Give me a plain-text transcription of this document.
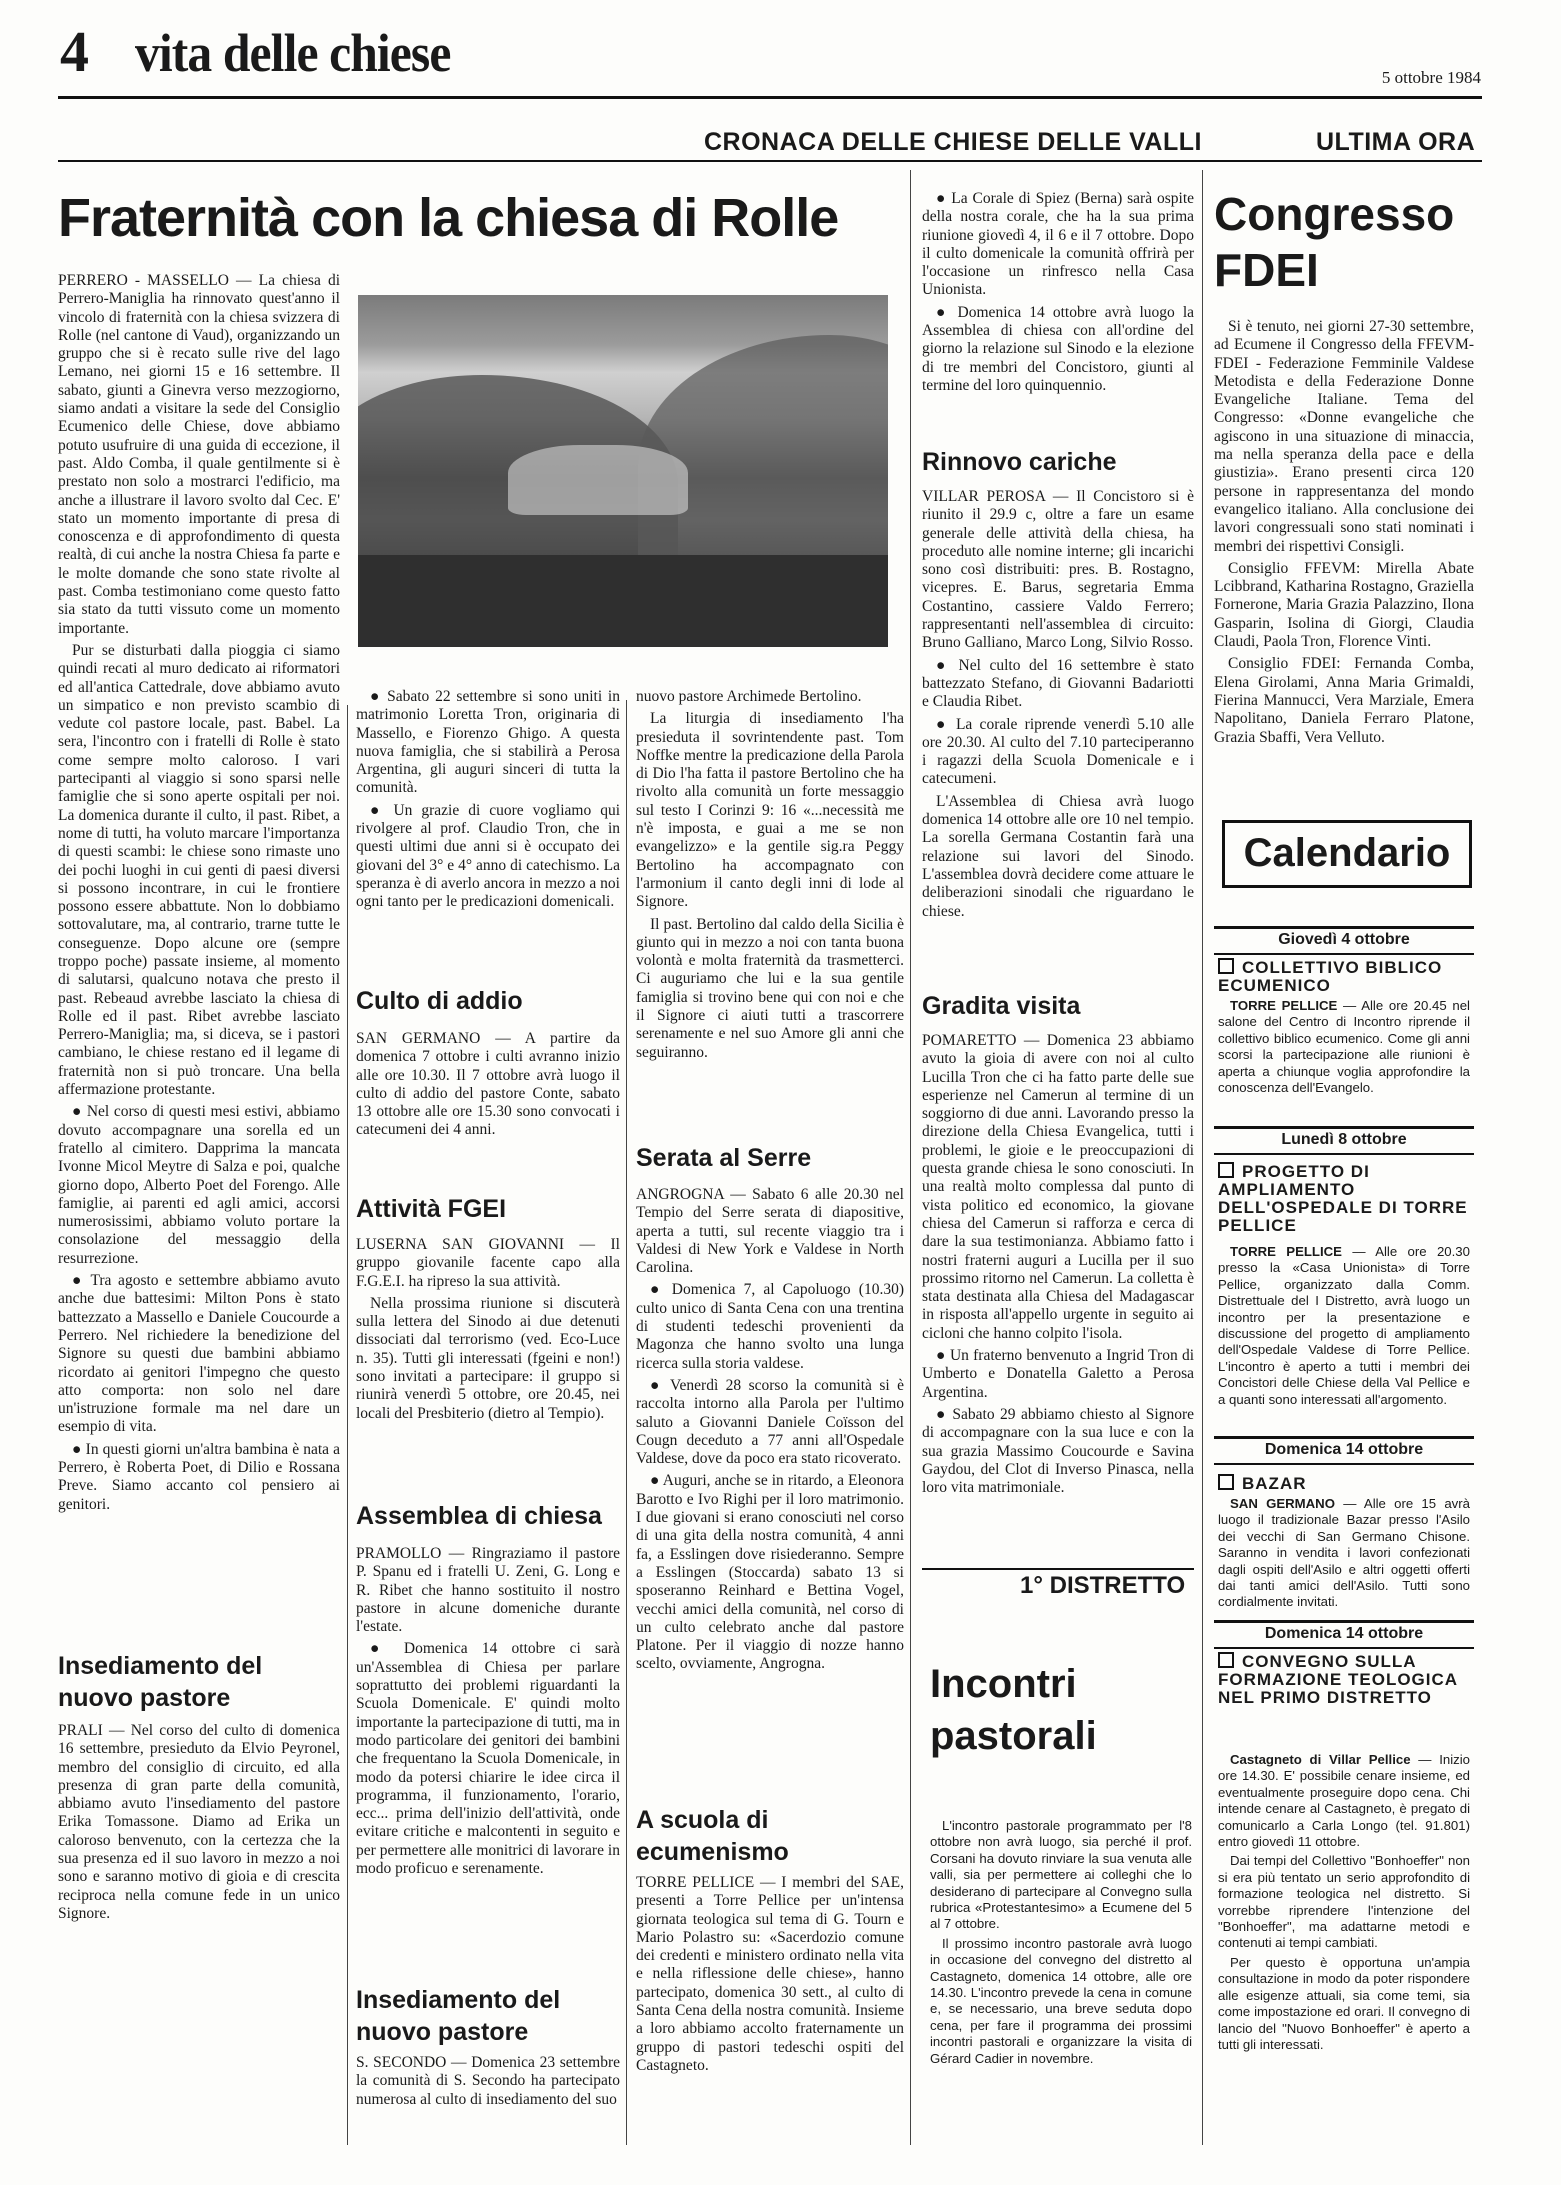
4 vita delle chiese	5 ottobre 1984
CRONACA DELLE CHIESE DELLE VALLI	ULTIMA ORA
Fraternità con la chiesa di Rolle

PERRERO - MASSELLO — La chiesa di Perrero-Maniglia ha rinnovato quest'anno il vincolo di fraternità con la chiesa svizzera di Rolle (nel cantone di Vaud), organizzando un gruppo che si è recato sulle rive del lago Lemano, nei giorni 15 e 16 settembre. Il sabato, giunti a Ginevra verso mezzogiorno, siamo andati a visitare la sede del Consiglio Ecumenico delle Chiese, dove abbiamo potuto usufruire di una guida di eccezione, il past. Aldo Comba, il quale gentilmente si è prestato non solo a mostrarci l'edificio, ma anche a illustrare il lavoro svolto dal Cec. E' stato un momento importante di presa di conoscenza e di approfondimento di questa realtà, di cui anche la nostra Chiesa fa parte e le molte domande che sono state rivolte al past. Comba testimoniano come questo fatto sia stato da tutti vissuto come un momento importante.

Pur se disturbati dalla pioggia ci siamo quindi recati al muro dedicato ai riformatori ed all'antica Cattedrale, dove abbiamo avuto un simpatico e non previsto scambio di vedute col pastore locale, past. Babel. La sera, l'incontro con i fratelli di Rolle è stato come sempre molto caloroso. I vari partecipanti al viaggio si sono sparsi nelle famiglie che si sono aperte ospitali per noi. La domenica durante il culto, il past. Ribet, a nome di tutti, ha voluto marcare l'importanza di questi scambi: le chiese sono rimaste uno dei pochi luoghi in cui genti di paesi diversi si possono incontrare, in cui le frontiere possono essere abbattute. Non lo dobbiamo sottovalutare, ma, al contrario, trarne tutte le conseguenze. Dopo alcune ore (sempre troppo poche) passate insieme, al momento di salutarsi, qualcuno notava che presto il past. Rebeaud avrebbe lasciato la chiesa di Rolle ed il past. Ribet avrebbe lasciato Perrero-Maniglia; ma, si diceva, se i pastori cambiano, le chiese restano ed il legame di fraternità non si può troncare. Una bella affermazione protestante.

● Nel corso di questi mesi estivi, abbiamo dovuto accompagnare una sorella ed un fratello al cimitero. Dapprima la mancata Ivonne Micol Meytre di Salza e poi, qualche giorno dopo, Alberto Poet del Forengo. Alle famiglie, ai parenti ed agli amici, accorsi numerosissimi, abbiamo voluto portare la consolazione del messaggio della resurrezione.

● Tra agosto e settembre abbiamo avuto anche due battesimi: Milton Pons è stato battezzato a Massello e Daniele Coucourde a Perrero. Nel richiedere la benedizione del Signore su questi due bambini abbiamo ricordato ai genitori l'impegno che questo atto comporta: non solo nel dare un'istruzione formale ma nel dare un esempio di vita.

● In questi giorni un'altra bambina è nata a Perrero, è Roberta Poet, di Dilio e Rossana Preve. Siamo accanto col pensiero ai genitori.

Insediamento del nuovo pastore

PRALI — Nel corso del culto di domenica 16 settembre, presieduto da Elvio Peyronel, membro del consiglio di circuito, ed alla presenza di gran parte della comunità, abbiamo avuto l'insediamento del pastore Erika Tomassone. Diamo ad Erika un caloroso benvenuto, con la certezza che la sua presenza ed il suo lavoro in mezzo a noi sono e saranno motivo di gioia e di crescita reciproca nella comune fede in un unico Signore.

● Sabato 22 settembre si sono uniti in matrimonio Loretta Tron, originaria di Massello, e Fiorenzo Ghigo. A questa nuova famiglia, che si stabilirà a Perosa Argentina, gli auguri sinceri di tutta la comunità.

● Un grazie di cuore vogliamo qui rivolgere al prof. Claudio Tron, che in questi ultimi due anni si è occupato dei giovani del 3° e 4° anno di catechismo. La speranza è di averlo ancora in mezzo a noi ogni tanto per le predicazioni domenicali.

Culto di addio

SAN GERMANO — A partire da domenica 7 ottobre i culti avranno inizio alle ore 10.30. Il 7 ottobre avrà luogo il culto di addio del pastore Conte, sabato 13 ottobre alle ore 15.30 sono convocati i catecumeni dei 4 anni.

Attività FGEI

LUSERNA SAN GIOVANNI — Il gruppo giovanile facente capo alla F.G.E.I. ha ripreso la sua attività.

Nella prossima riunione si discuterà sulla lettera del Sinodo ai due detenuti dissociati dal terrorismo (ved. Eco-Luce n. 35). Tutti gli interessati (fgeini e non!) sono invitati a partecipare: il gruppo si riunirà venerdì 5 ottobre, ore 20.45, nei locali del Presbiterio (dietro al Tempio).

Assemblea di chiesa

PRAMOLLO — Ringraziamo il pastore P. Spanu ed i fratelli U. Zeni, G. Long e R. Ribet che hanno sostituito il nostro pastore in alcune domeniche durante l'estate.

● Domenica 14 ottobre ci sarà un'Assemblea di Chiesa per parlare soprattutto dei problemi riguardanti la Scuola Domenicale. E' quindi molto importante la partecipazione di tutti, ma in modo particolare dei genitori dei bambini che frequentano la Scuola Domenicale, in modo da potersi chiarire le idee circa il programma, il funzionamento, l'orario, ecc... prima dell'inizio dell'attività, onde evitare critiche e malcontenti in seguito e per permettere alle monitrici di lavorare in modo proficuo e serenamente.

Insediamento del nuovo pastore

S. SECONDO — Domenica 23 settembre la comunità di S. Secondo ha partecipato numerosa al culto di insediamento del suo

nuovo pastore Archimede Bertolino.

La liturgia di insediamento l'ha presieduta il sovrintendente past. Tom Noffke mentre la predicazione della Parola di Dio l'ha fatta il pastore Bertolino che ha rivolto alla comunità un forte messaggio sul testo I Corinzi 9: 16 «...necessità me n'è imposta, e guai a me se non evangelizzo» e la gentile sig.ra Peggy Bertolino ha accompagnato con l'armonium il canto degli inni di lode al Signore.

Il past. Bertolino dal caldo della Sicilia è giunto qui in mezzo a noi con tanta buona volontà e molta fraternità da trasmetterci. Ci auguriamo che lui e la sua gentile famiglia si trovino bene qui con noi e che il Signore ci aiuti tutti a trascorrere serenamente e nel suo Amore gli anni che seguiranno.

Serata al Serre

ANGROGNA — Sabato 6 alle 20.30 nel Tempio del Serre serata di diapositive, aperta a tutti, sul recente viaggio tra i Valdesi di New York e Valdese in North Carolina.

● Domenica 7, al Capoluogo (10.30) culto unico di Santa Cena con una trentina di studenti tedeschi provenienti da Magonza che hanno svolto una lunga ricerca sulla storia valdese.

● Venerdì 28 scorso la comunità si è raccolta intorno alla Parola per l'ultimo saluto a Giovanni Daniele Coïsson del Cougn deceduto a 77 anni all'Ospedale Valdese, dove da poco era stato ricoverato.

● Auguri, anche se in ritardo, a Eleonora Barotto e Ivo Righi per il loro matrimonio. I due giovani si erano conosciuti nel corso di una gita della nostra comunità, 4 anni fa, a Esslingen dove risiederanno. Sempre a Esslingen (Stoccarda) sabato 13 si sposeranno Reinhard e Bettina Vogel, vecchi amici della comunità, nel corso di un culto celebrato anche dal pastore Platone. Per il viaggio di nozze hanno scelto, ovviamente, Angrogna.

A scuola di ecumenismo

TORRE PELLICE — I membri del SAE, presenti a Torre Pellice per un'intensa giornata teologica sul tema di G. Tourn e Mario Polastro su: «Sacerdozio comune dei credenti e ministero ordinato nella vita e nella riflessione delle chiese», hanno partecipato, domenica 30 sett., al culto di Santa Cena della nostra comunità. Insieme a loro abbiamo accolto fraternamente un gruppo di pastori tedeschi ospiti del Castagneto.

● La Corale di Spiez (Berna) sarà ospite della nostra corale, che ha la sua prima riunione giovedì 4, il 6 e il 7 ottobre. Dopo il culto domenicale la comunità offrirà per l'occasione un rinfresco nella Casa Unionista.

● Domenica 14 ottobre avrà luogo la Assemblea di chiesa con all'ordine del giorno la relazione sul Sinodo e la elezione di tre membri del Concistoro, giunti al termine del loro quinquennio.

Rinnovo cariche

VILLAR PEROSA — Il Concistoro si è riunito il 29.9 c, oltre a fare un esame generale delle attività della chiesa, ha proceduto alle nomine interne; gli incarichi sono così distribuiti: pres. B. Rostagno, vicepres. E. Barus, segretaria Emma Costantino, cassiere Valdo Ferrero; rappresentanti nell'assemblea di circuito: Bruno Galliano, Marco Long, Silvio Rosso.

● Nel culto del 16 settembre è stato battezzato Stefano, di Giovanni Badariotti e Claudia Ribet.

● La corale riprende venerdì 5.10 alle ore 20.30. Al culto del 7.10 parteciperanno i ragazzi della Scuola Domenicale e i catecumeni.

L'Assemblea di Chiesa avrà luogo domenica 14 ottobre alle ore 10 nel tempio. La sorella Germana Costantin farà una relazione sui lavori del Sinodo. L'assemblea dovrà decidere come attuare le deliberazioni sinodali che riguardano le chiese.

Gradita visita

POMARETTO — Domenica 23 abbiamo avuto la gioia di avere con noi al culto Lucilla Tron che ci ha fatto parte delle sue esperienze nel Camerun al termine di un soggiorno di due anni. Lavorando presso la direzione della Chiesa Evangelica, tutti i problemi, le gioie e le preoccupazioni di questa grande chiesa le sono conosciuti. In una realtà molto complessa dal punto di vista politico ed economico, la giovane chiesa del Camerun si rafforza e cerca di dare la sua testimonianza. Abbiamo fatto i nostri fraterni auguri a Lucilla per il suo prossimo ritorno nel Camerun. La colletta è stata destinata alla Chiesa del Madagascar in risposta all'appello urgente in seguito ai cicloni che hanno colpito l'isola.

● Un fraterno benvenuto a Ingrid Tron di Umberto e Donatella Galetto a Perosa Argentina.

● Sabato 29 abbiamo chiesto al Signore di accompagnare con la sua luce e con la sua grazia Massimo Coucourde e Savina Gaydou, del Clot di Inverso Pinasca, nella loro vita matrimoniale.

1° DISTRETTO
Incontri pastorali

L'incontro pastorale programmato per l'8 ottobre non avrà luogo, sia perché il prof. Corsani ha dovuto rinviare la sua venuta alle valli, sia per permettere ai colleghi che lo desiderano di partecipare al Convegno sulla rubrica «Protestantesimo» a Ecumene del 5 al 7 ottobre.

Il prossimo incontro pastorale avrà luogo in occasione del convegno del distretto al Castagneto, domenica 14 ottobre, alle ore 14.30. L'incontro prevede la cena in comune e, se necessario, una breve seduta dopo cena, per fare il programma dei prossimi incontri pastorali e organizzare la visita di Gérard Cadier in novembre.

Congresso FDEI

Si è tenuto, nei giorni 27-30 settembre, ad Ecumene il Congresso della FFEVM-FDEI - Federazione Femminile Valdese Metodista e della Federazione Donne Evangeliche Italiane. Tema del Congresso: «Donne evangeliche che agiscono in una situazione di minaccia, ma nella speranza della pace e della giustizia». Erano presenti circa 120 persone in rappresentanza del mondo evangelico italiano. Alla conclusione dei lavori congressuali sono stati nominati i membri dei rispettivi Consigli.

Consiglio FFEVM: Mirella Abate Lcibbrand, Katharina Rostagno, Graziella Fornerone, Maria Grazia Palazzino, Ilona Gasparin, Isolina di Giorgi, Claudia Claudi, Paola Tron, Florence Vinti.

Consiglio FDEI: Fernanda Comba, Elena Girolami, Anna Maria Grimaldi, Fierina Mannucci, Vera Marziale, Emera Napolitano, Daniela Ferraro Platone, Grazia Sbaffi, Vera Velluto.

Calendario
Giovedì 4 ottobre
COLLETTIVO BIBLICO ECUMENICO

TORRE PELLICE — Alle ore 20.45 nel salone del Centro di Incontro riprende il collettivo biblico ecumenico. Come gli anni scorsi la partecipazione alle riunioni è aperta a chiunque voglia approfondire la conoscenza dell'Evangelo.

Lunedì 8 ottobre
PROGETTO DI AMPLIAMENTO DELL'OSPEDALE DI TORRE PELLICE

TORRE PELLICE — Alle ore 20.30 presso la «Casa Unionista» di Torre Pellice, organizzato dalla Comm. Distrettuale del I Distretto, avrà luogo un incontro per la presentazione e discussione del progetto di ampliamento dell'Ospedale Valdese di Torre Pellice. L'incontro è aperto a tutti i membri dei Concistori delle Chiese della Val Pellice e a quanti sono interessati all'argomento.

Domenica 14 ottobre
BAZAR

SAN GERMANO — Alle ore 15 avrà luogo il tradizionale Bazar presso l'Asilo dei vecchi di San Germano Chisone. Saranno in vendita i lavori confezionati dagli ospiti dell'Asilo e altri oggetti offerti dai tanti amici dell'Asilo. Tutti sono cordialmente invitati.

Domenica 14 ottobre
CONVEGNO SULLA FORMAZIONE TEOLOGICA NEL PRIMO DISTRETTO

Castagneto di Villar Pellice — Inizio ore 14.30. E' possibile cenare insieme, ed eventualmente proseguire dopo cena. Chi intende cenare al Castagneto, è pregato di comunicarlo a Carla Longo (tel. 91.801) entro giovedì 11 ottobre.

Dai tempi del Collettivo "Bonhoeffer" non si era più tentato un serio approfondito di formazione teologica nel distretto. Si vorrebbe riprendere l'intenzione del "Bonhoeffer", ma adattarne metodi e contenuti ai tempi cambiati.

Per questo è opportuna un'ampia consultazione in modo da poter rispondere alle esigenze attuali, sia come temi, sia come impostazione ed orari. Il convegno di lancio del "Nuovo Bonhoeffer" è aperto a tutti gli interessati.
